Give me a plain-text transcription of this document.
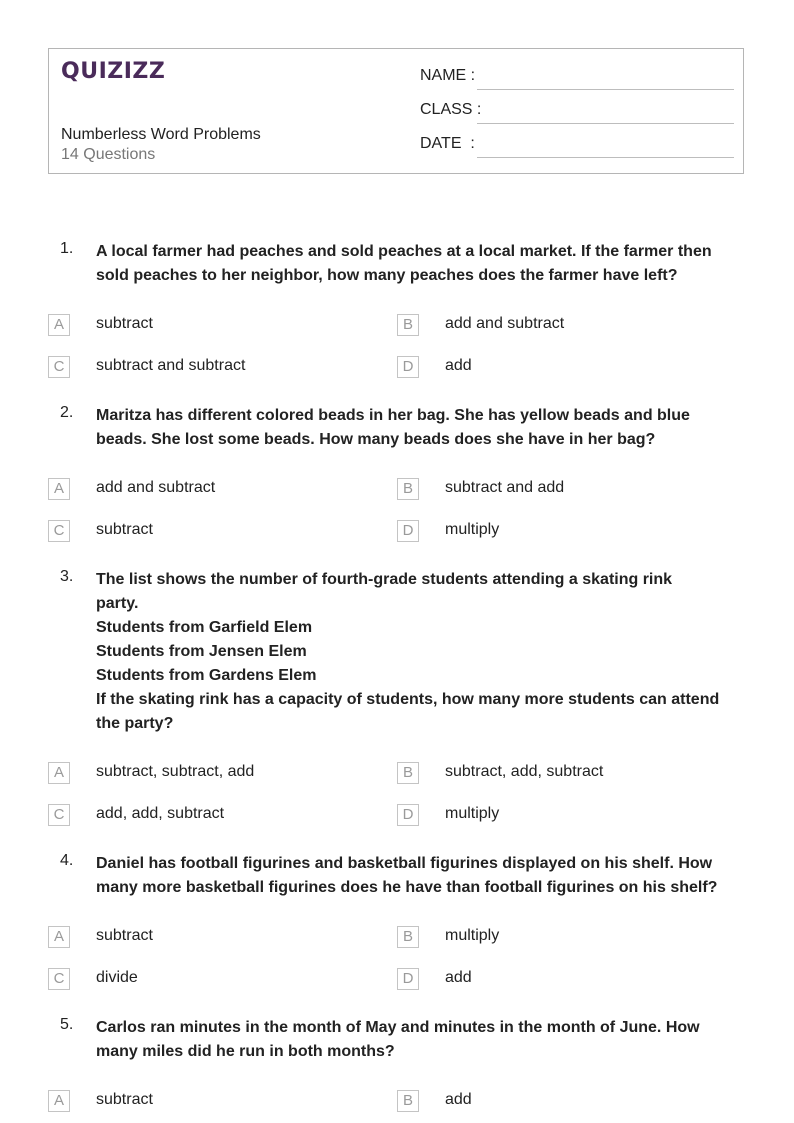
QUIZIZZ
Numberless Word Problems
14 Questions
NAME :
CLASS :
DATE  :
1. A local farmer had peaches and sold peaches at a local market. If the farmer then
sold peaches to her neighbor, how many peaches does the farmer have left?
A	subtract	B	add and subtract
C	subtract and subtract	D	add
2. Maritza has different colored beads in her bag. She has yellow beads and blue
beads. She lost some beads. How many beads does she have in her bag?
A	add and subtract	B	subtract and add
C	subtract	D	multiply
3. The list shows the number of fourth-grade students attending a skating rink
party.
Students from Garfield Elem
Students from Jensen Elem
Students from Gardens Elem
If the skating rink has a capacity of students, how many more students can attend
the party?
A	subtract, subtract, add	B	subtract, add, subtract
C	add, add, subtract	D	multiply
4. Daniel has football figurines and basketball figurines displayed on his shelf. How
many more basketball figurines does he have than football figurines on his shelf?
A	subtract	B	multiply
C	divide	D	add
5. Carlos ran minutes in the month of May and minutes in the month of June. How
many miles did he run in both months?
A	subtract	B	add
